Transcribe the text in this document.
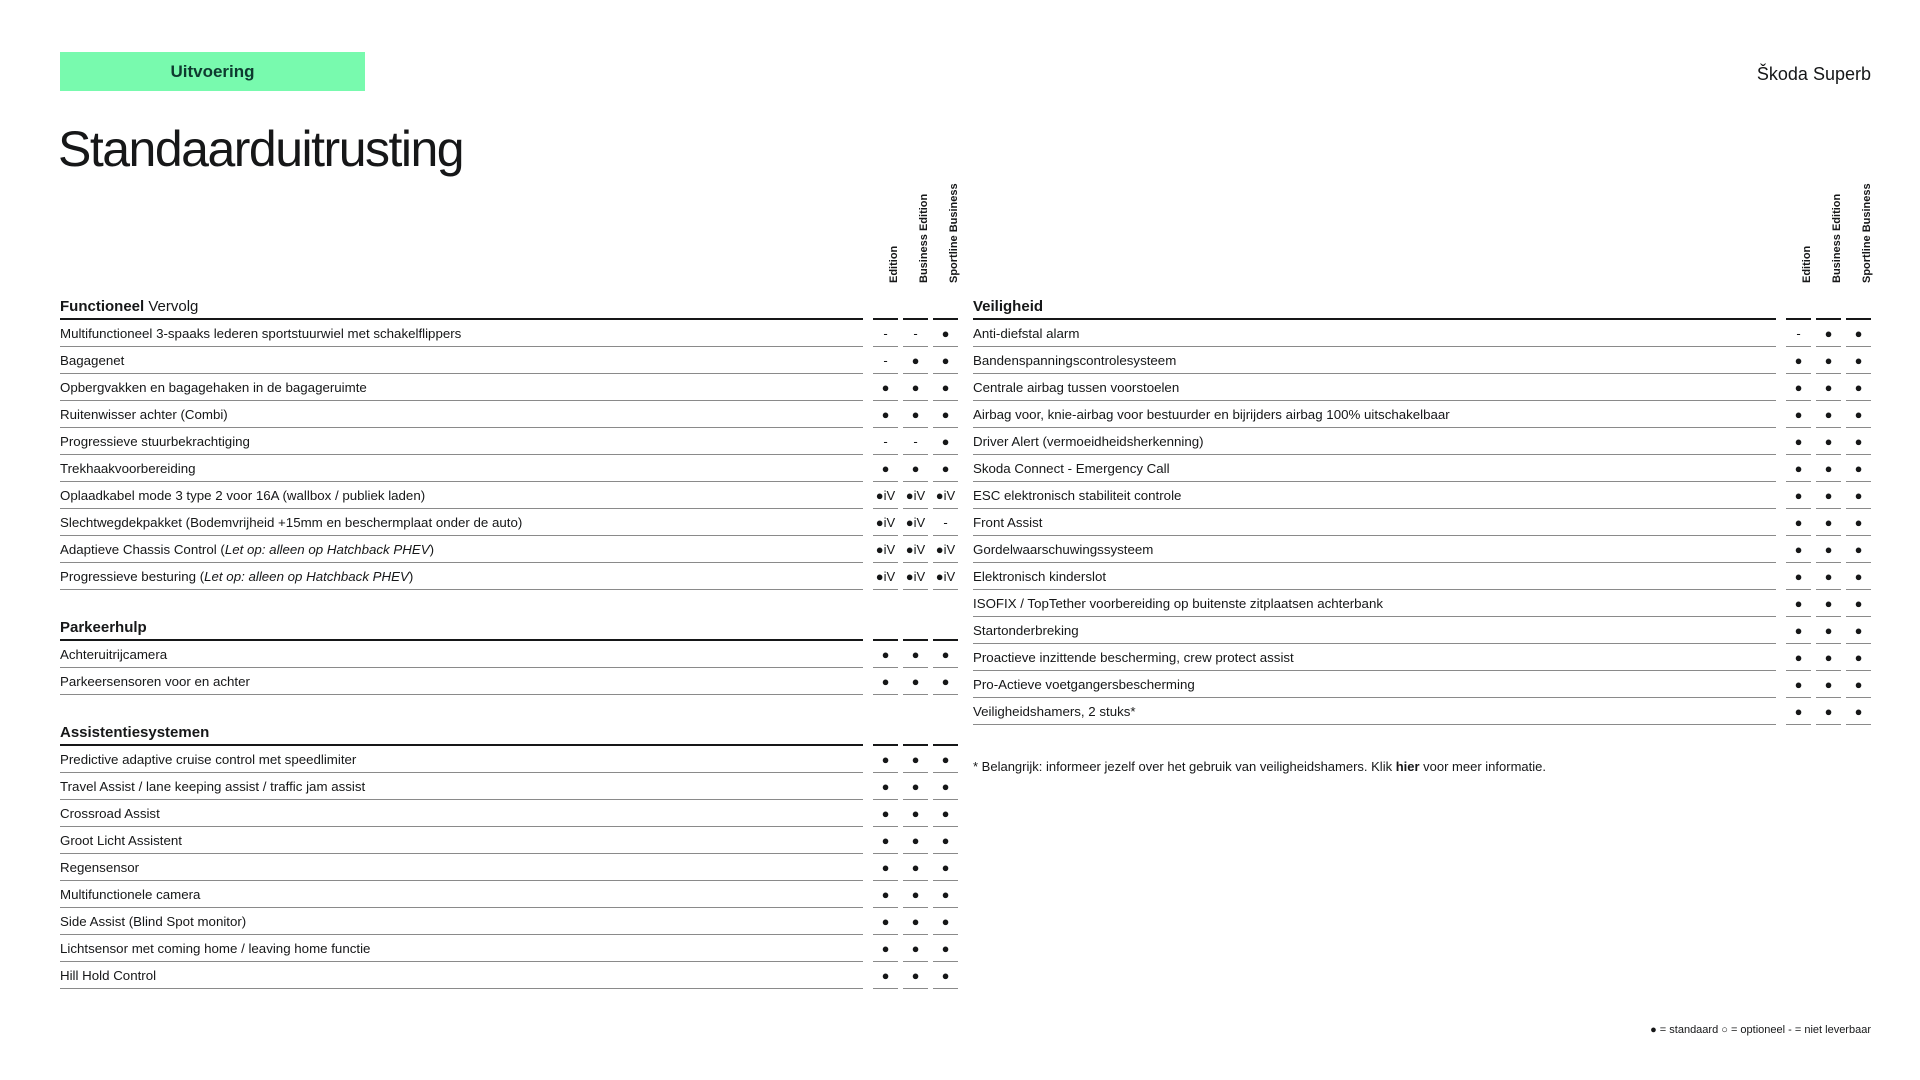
Uitvoering	Škoda Superb
Standaarduitrusting
Edition Business Edition Sportline Business
Functioneel Vervolg
Multifunctioneel 3-spaaks lederen sportstuurwiel met schakelflippers	-	-	●
Bagagenet	-	●	●
Opbergvakken en bagagehaken in de bagageruimte	●	●	●
Ruitenwisser achter (Combi)	●	●	●
Progressieve stuurbekrachtiging	-	-	●
Trekhaakvoorbereiding	●	●	●
Oplaadkabel mode 3 type 2 voor 16A (wallbox / publiek laden)	●iV ●iV ●iV
Slechtwegdekpakket (Bodemvrijheid +15mm en beschermplaat onder de auto)	●iV ●iV	-
Adaptieve Chassis Control ( Let op: alleen op Hatchback PHEV )	●iV ●iV ●iV
Progressieve besturing ( Let op: alleen op Hatchback PHEV )	●iV ●iV ●iV
Parkeerhulp
Achteruitrijcamera	●	●	●
Parkeersensoren voor en achter	●	●	●
Assistentiesystemen
Predictive adaptive cruise control met speedlimiter	●	●	●
Travel Assist / lane keeping assist / traffic jam assist	●	●	●
Crossroad Assist	●	●	●
Groot Licht Assistent	●	●	●
Regensensor	●	●	●
Multifunctionele camera	●	●	●
Side Assist (Blind Spot monitor)	●	●	●
Lichtsensor met coming home / leaving home functie	●	●	●
Hill Hold Control	●	●	●
Edition Business Edition Sportline Business
Veiligheid
Anti-diefstal alarm	-	●	●
Bandenspanningscontrolesysteem	●	●	●
Centrale airbag tussen voorstoelen	●	●	●
Airbag voor, knie-airbag voor bestuurder en bijrijders airbag 100% uitschakelbaar	●	●	●
Driver Alert (vermoeidheidsherkenning)	●	●	●
Skoda Connect - Emergency Call	●	●	●
ESC elektronisch stabiliteit controle	●	●	●
Front Assist	●	●	●
Gordelwaarschuwingssysteem	●	●	●
Elektronisch kinderslot	●	●	●
ISOFIX / TopTether voorbereiding op buitenste zitplaatsen achterbank	●	●	●
Startonderbreking	●	●	●
Proactieve inzittende bescherming, crew protect assist	●	●	●
Pro-Actieve voetgangersbescherming	●	●	●
Veiligheidshamers, 2 stuks*	●	●	●
* Belangrijk: informeer jezelf over het gebruik van veiligheidshamers. Klik hier voor meer informatie.
● = standaard ○ = optioneel - = niet leverbaar
